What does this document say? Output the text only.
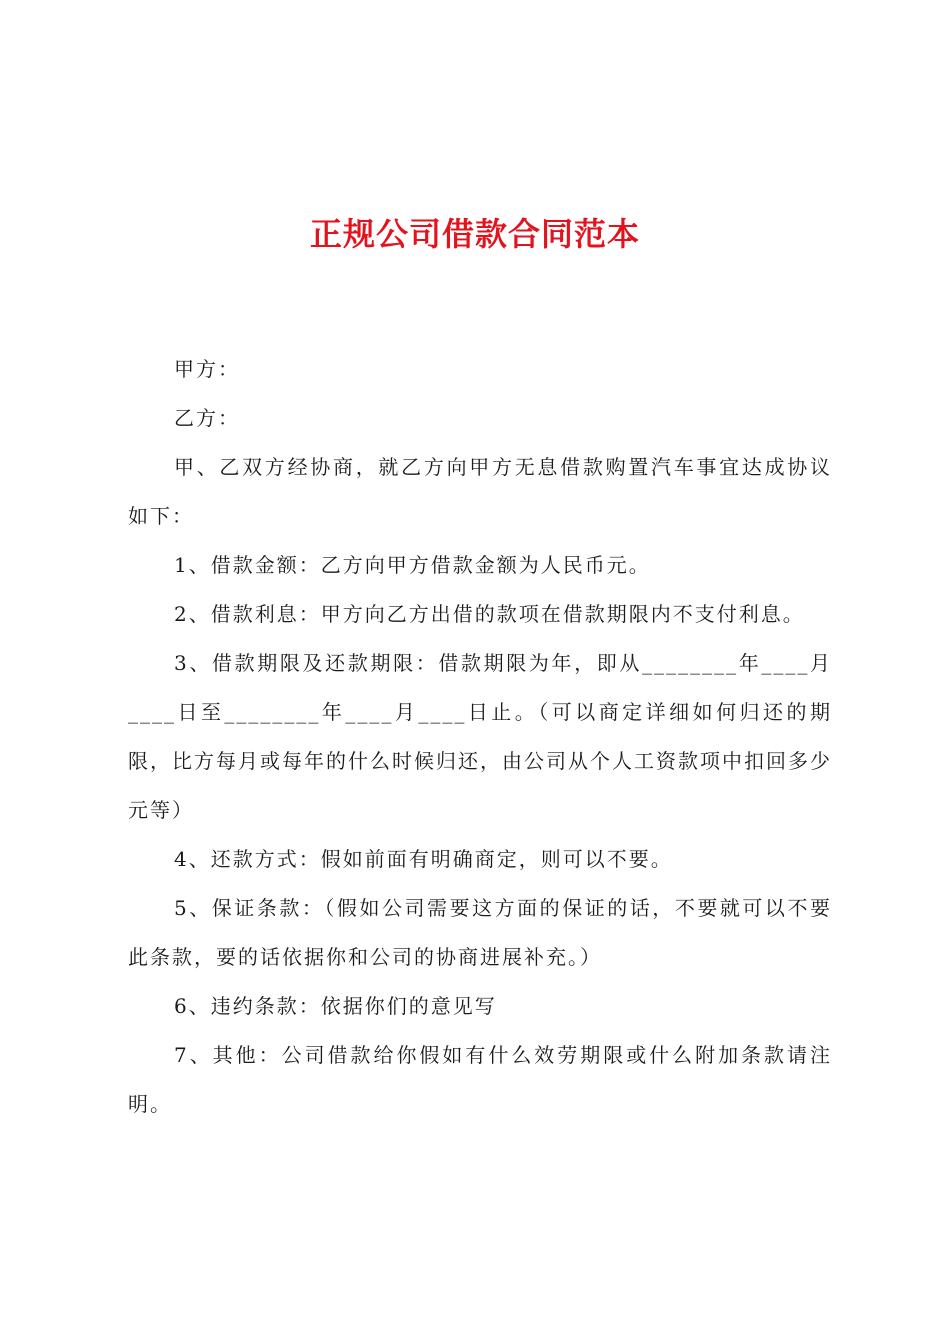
正规公司借款合同范本

甲方：

乙方：

甲、乙双方经协商，就乙方向甲方无息借款购置汽车事宜达成协议如下：

1、借款金额：乙方向甲方借款金额为人民币元。

2、借款利息：甲方向乙方出借的款项在借款期限内不支付利息。

3、借款期限及还款期限：借款期限为年，即从________年____月____日至________年____月____日止。（可以商定详细如何归还的期限，比方每月或每年的什么时候归还，由公司从个人工资款项中扣回多少元等）

4、还款方式：假如前面有明确商定，则可以不要。

5、保证条款：（假如公司需要这方面的保证的话，不要就可以不要此条款，要的话依据你和公司的协商进展补充。）

6、违约条款：依据你们的意见写

7、其他：公司借款给你假如有什么效劳期限或什么附加条款请注明。
